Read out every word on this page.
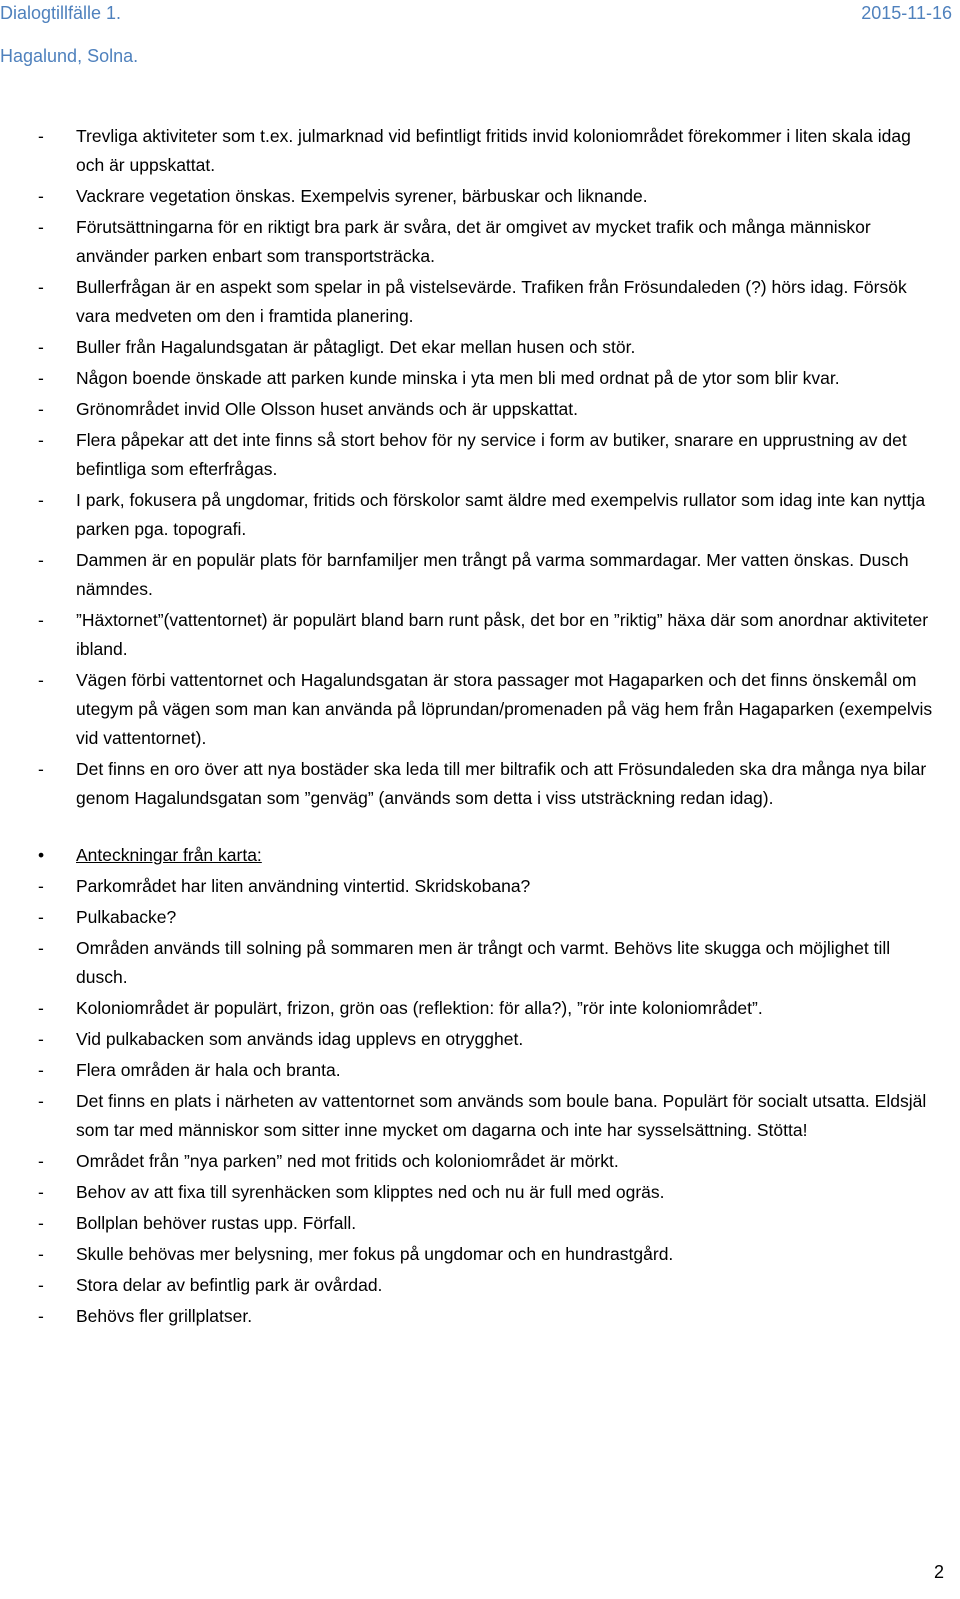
Dialogtillfälle 1.	2015-11-16
Hagalund, Solna.
- Trevliga aktiviteter som t.ex. julmarknad vid befintligt fritids invid koloniområdet förekommer i liten skala idag och är uppskattat.
- Vackrare vegetation önskas. Exempelvis syrener, bärbuskar och liknande.
- Förutsättningarna för en riktigt bra park är svåra, det är omgivet av mycket trafik och många människor använder parken enbart som transportsträcka.
- Bullerfrågan är en aspekt som spelar in på vistelsevärde. Trafiken från Frösundaleden (?) hörs idag. Försök vara medveten om den i framtida planering.
- Buller från Hagalundsgatan är påtagligt. Det ekar mellan husen och stör.
- Någon boende önskade att parken kunde minska i yta men bli med ordnat på de ytor som blir kvar.
- Grönområdet invid Olle Olsson huset används och är uppskattat.
- Flera påpekar att det inte finns så stort behov för ny service i form av butiker, snarare en upprustning av det befintliga som efterfrågas.
- I park, fokusera på ungdomar, fritids och förskolor samt äldre med exempelvis rullator som idag inte kan nyttja parken pga. topografi.
- Dammen är en populär plats för barnfamiljer men trångt på varma sommardagar. Mer vatten önskas. Dusch nämndes.
- ”Häxtornet”(vattentornet) är populärt bland barn runt påsk, det bor en ”riktig” häxa där som anordnar aktiviteter ibland.
- Vägen förbi vattentornet och Hagalundsgatan är stora passager mot Hagaparken och det finns önskemål om utegym på vägen som man kan använda på löprundan/promenaden på väg hem från Hagaparken (exempelvis vid vattentornet).
- Det finns en oro över att nya bostäder ska leda till mer biltrafik och att Frösundaleden ska dra många nya bilar genom Hagalundsgatan som ”genväg” (används som detta i viss utsträckning redan idag).
• Anteckningar från karta:
- Parkområdet har liten användning vintertid. Skridskobana?
- Pulkabacke?
- Områden används till solning på sommaren men är trångt och varmt. Behövs lite skugga och möjlighet till dusch.
- Koloniområdet är populärt, frizon, grön oas (reflektion: för alla?), ”rör inte koloniområdet”.
- Vid pulkabacken som används idag upplevs en otrygghet.
- Flera områden är hala och branta.
- Det finns en plats i närheten av vattentornet som används som boule bana. Populärt för socialt utsatta. Eldsjäl som tar med människor som sitter inne mycket om dagarna och inte har sysselsättning. Stötta!
- Området från ”nya parken” ned mot fritids och koloniområdet är mörkt.
- Behov av att fixa till syrenhäcken som klipptes ned och nu är full med ogräs.
- Bollplan behöver rustas upp. Förfall.
- Skulle behövas mer belysning, mer fokus på ungdomar och en hundrastgård.
- Stora delar av befintlig park är ovårdad.
- Behövs fler grillplatser.
2
